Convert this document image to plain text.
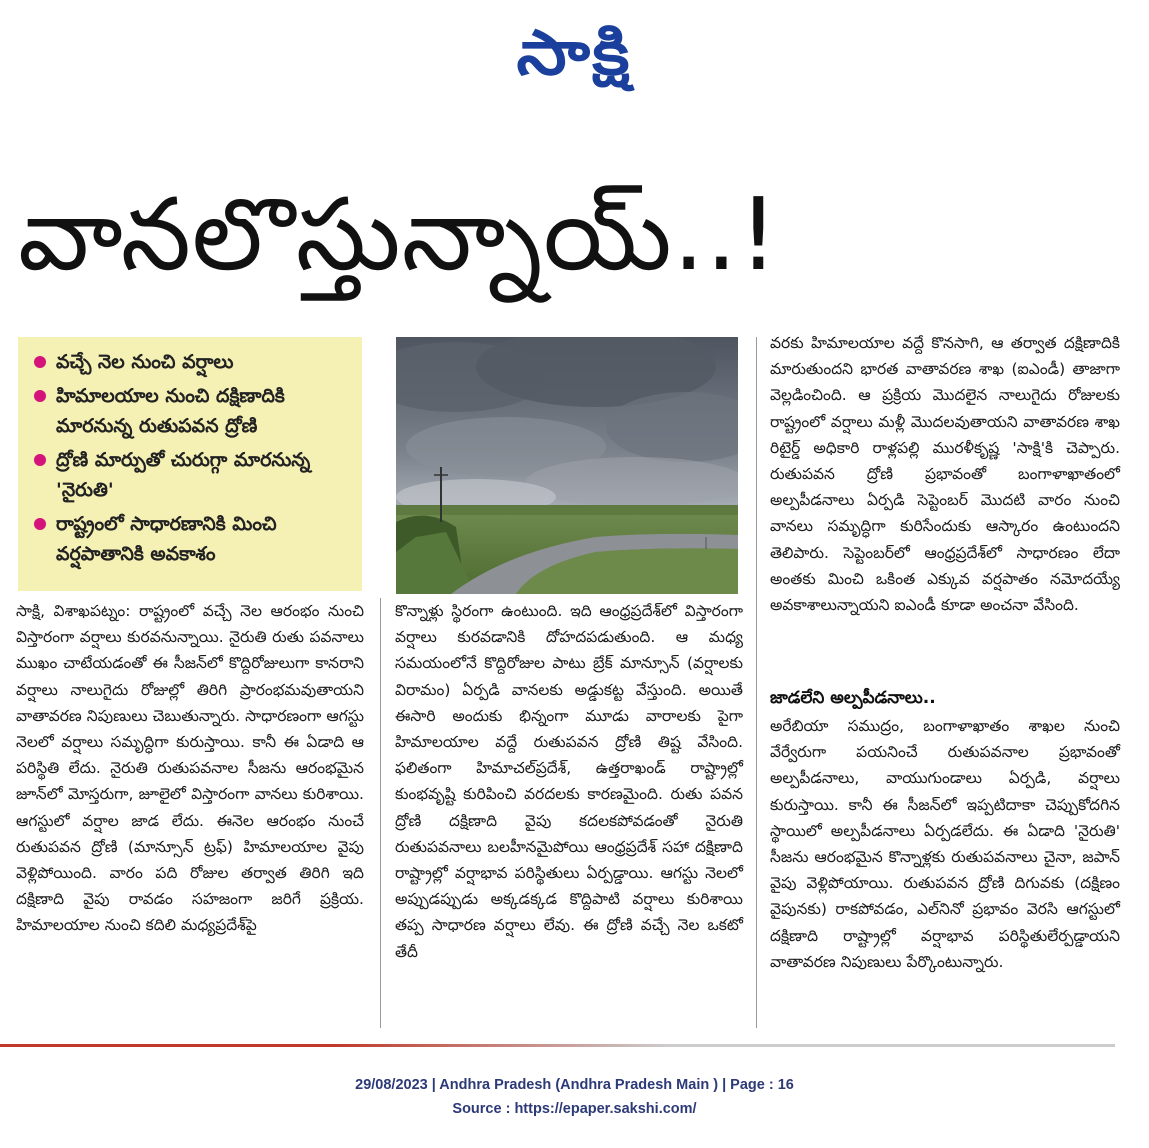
సాక్షి
వానలొస్తున్నాయ్..!
వచ్చే నెల నుంచి వర్షాలు
హిమాలయాల నుంచి దక్షిణాదికి మారనున్న రుతుపవన ద్రోణి
ద్రోణి మార్పుతో చురుగ్గా మారనున్న 'నైరుతి'
రాష్ట్రంలో సాధారణానికి మించి వర్షపాతానికి అవకాశం

సాక్షి, విశాఖపట్నం: రాష్ట్రంలో వచ్చే నెల ఆరంభం నుంచి విస్తారంగా వర్షాలు కురవనున్నాయి. నైరుతి రుతు పవనాలు ముఖం చాటేయడంతో ఈ సీజన్‌లో కొద్దిరోజులుగా కానరాని వర్షాలు నాలుగైదు రోజుల్లో తిరిగి ప్రారంభమవుతాయని వాతావరణ నిపుణులు చెబుతున్నారు. సాధారణంగా ఆగస్టు నెలలో వర్షాలు సమృద్ధిగా కురుస్తాయి. కానీ ఈ ఏడాది ఆ పరిస్థితి లేదు. నైరుతి రుతుపవనాల సీజను ఆరంభమైన జూన్‌లో మోస్తరుగా, జూలైలో విస్తారంగా వానలు కురిశాయి. ఆగస్టులో వర్షాల జాడ లేదు. ఈనెల ఆరంభం నుంచే రుతుపవన ద్రోణి (మాన్సూన్ ట్రఫ్) హిమాలయాల వైపు వెళ్లిపోయింది. వారం పది రోజుల తర్వాత తిరిగి ఇది దక్షిణాది వైపు రావడం సహజంగా జరిగే ప్రక్రియ. హిమాలయాల నుంచి కదిలి మధ్యప్రదేశ్‌పై

కొన్నాళ్లు స్థిరంగా ఉంటుంది. ఇది ఆంధ్రప్రదేశ్‌లో విస్తారంగా వర్షాలు కురవడానికి దోహదపడుతుంది. ఆ మధ్య సమయంలోనే కొద్దిరోజుల పాటు బ్రేక్ మాన్సూన్ (వర్షాలకు విరామం) ఏర్పడి వానలకు అడ్డుకట్ట వేస్తుంది. అయితే ఈసారి అందుకు భిన్నంగా మూడు వారాలకు పైగా హిమాలయాల వద్దే రుతుపవన ద్రోణి తిష్ట వేసింది. ఫలితంగా హిమాచల్‌ప్రదేశ్, ఉత్తరాఖండ్ రాష్ట్రాల్లో కుంభవృష్టి కురిపించి వరదలకు కారణమైంది. రుతు పవన ద్రోణి దక్షిణాది వైపు కదలకపోవడంతో నైరుతి రుతుపవనాలు బలహీనమైపోయి ఆంధ్రప్రదేశ్ సహా దక్షిణాది రాష్ట్రాల్లో వర్షాభావ పరిస్థితులు ఏర్పడ్డాయి. ఆగస్టు నెలలో అప్పుడప్పుడు అక్కడక్కడ కొద్దిపాటి వర్షాలు కురిశాయి తప్ప సాధారణ వర్షాలు లేవు. ఈ ద్రోణి వచ్చే నెల ఒకటో తేదీ

వరకు హిమాలయాల వద్దే కొనసాగి, ఆ తర్వాత దక్షిణాదికి మారుతుందని భారత వాతావరణ శాఖ (ఐఎండీ) తాజాగా వెల్లడించింది. ఆ ప్రక్రియ మొదలైన నాలుగైదు రోజులకు రాష్ట్రంలో వర్షాలు మళ్లీ మొదలవుతాయని వాతావరణ శాఖ రిటైర్డ్ అధికారి రాళ్లపల్లి మురళీకృష్ణ 'సాక్షి'కి చెప్పారు. రుతుపవన ద్రోణి ప్రభావంతో బంగాళాఖాతంలో అల్పపీడనాలు ఏర్పడి సెప్టెంబర్ మొదటి వారం నుంచి వానలు సమృద్ధిగా కురిసేందుకు ఆస్కారం ఉంటుందని తెలిపారు. సెప్టెంబర్‌లో ఆంధ్రప్రదేశ్‌లో సాధారణం లేదా అంతకు మించి ఒకింత ఎక్కువ వర్షపాతం నమోదయ్యే అవకాశాలున్నాయని ఐఎండీ కూడా అంచనా వేసింది.

జాడలేని అల్పపీడనాలు..

అరేబియా సముద్రం, బంగాళాఖాతం శాఖల నుంచి వేర్వేరుగా పయనించే రుతుపవనాల ప్రభావంతో అల్పపీడనాలు, వాయుగుండాలు ఏర్పడి, వర్షాలు కురుస్తాయి. కానీ ఈ సీజన్‌లో ఇప్పటిదాకా చెప్పుకోదగిన స్థాయిలో అల్పపీడనాలు ఏర్పడలేదు. ఈ ఏడాది 'నైరుతి' సీజను ఆరంభమైన కొన్నాళ్లకు రుతుపవనాలు చైనా, జపాన్ వైపు వెళ్లిపోయాయి. రుతుపవన ద్రోణి దిగువకు (దక్షిణం వైపునకు) రాకపోవడం, ఎల్‌నినో ప్రభావం వెరసి ఆగస్టులో దక్షిణాది రాష్ట్రాల్లో వర్షాభావ పరిస్థితులేర్పడ్డాయని వాతావరణ నిపుణులు పేర్కొంటున్నారు.

29/08/2023 | Andhra Pradesh (Andhra Pradesh Main ) | Page : 16
Source : https://epaper.sakshi.com/
